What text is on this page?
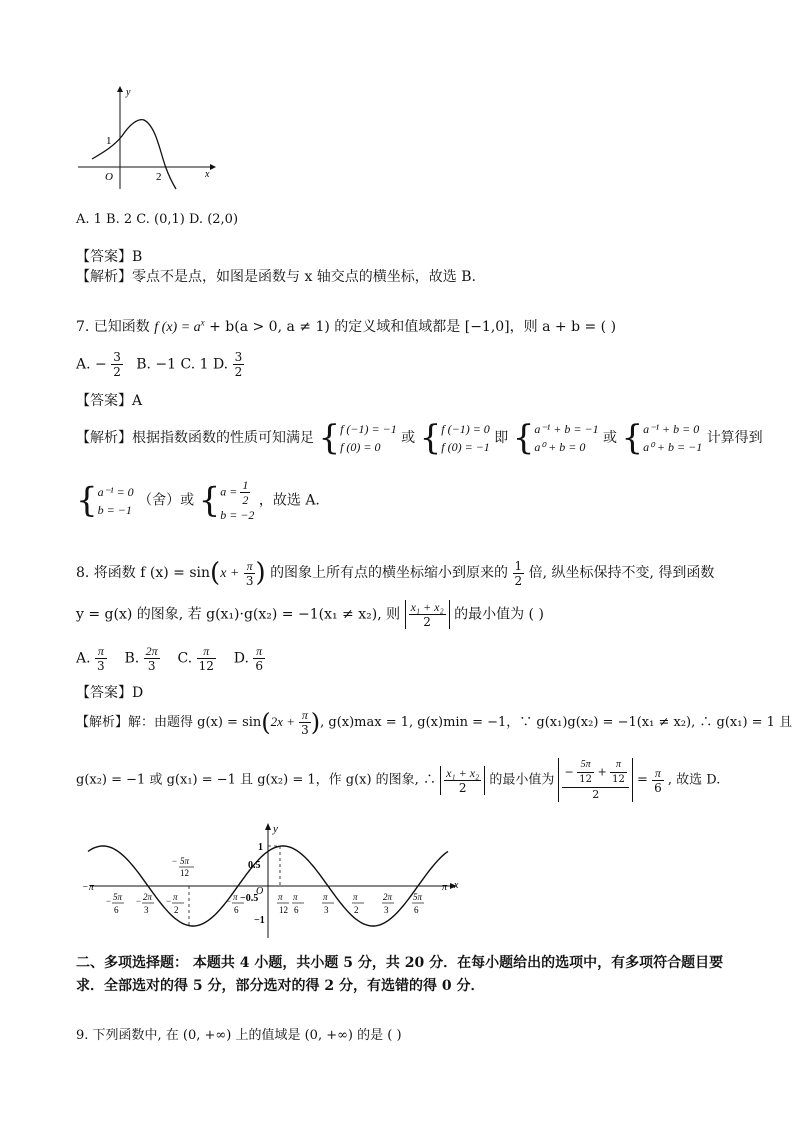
y
x
1
O	2
A. 1 B. 2 C. (0,1) D. (2,0)
【答案】B
【解析】零点不是点，如图是函数与 x 轴交点的横坐标，故选 B.
7. 已知函数 f $(x) = a^x + b(a > 0$, a ≠ 1) 的定义域和值域都是 [−1,0]，则 a + b = ( )
A. − $\frac{3}{2} B$. −1 C. 1 D. $\frac{3}{2}$
【答案】A
【解析】根据指数函数的性质可知满足 {f (−1) = −1
f (0) = 0 或 {f (−1) = 0
f (0) = −1 即 {a⁻¹ + b = −1
a⁰ + b = 0 或 {a⁻¹ + b = 0
a⁰ + b = −1 计算得到
{a⁻¹ = 0
b = −1 （舍）或 {$a = \frac{1}{2}$

b = −2 ，故选 A.
8. 将函数 f $(x) = \sin(x + \frac{\pi}{3}$ ) 的图象上所有点的横坐标缩小到原来的 $\frac{1}{2}$ 倍, 纵坐标保持不变, 得到函数
y = g(x) 的图象, 若 g(x₁)·g(x₂) = −1(x₁ ≠ x₂), 则 $\frac{\text{x₁ + x₂}}{2}$ 的最小值为 ( )
A. $\frac{\pi}{3} B$. $\frac{2\pi}{3} C$. $\frac{\pi}{12} D$. $\frac{\pi}{6}$
【答案】D
【解析】解：由题得 $g(x) = \sin(2x + \frac{\pi}{3}$ ), g(x)max = 1, g(x)min = −1，∵ g(x₁)g(x₂) = −1(x₁ ≠ x₂), ∴ g(x₁) = 1 且
g(x₂) = −1 或 g(x₁) = −1 且 g(x₂) = 1，作 g(x) 的图象, ∴ $\frac{\text{x₁ + x₂}}{2}$ 的最小值为 $\frac{- \frac{5\pi}{12} + \frac{\pi}{12}}{2} = \frac{\pi}{6}$ , 故选 D.
y
x
1
0.5
−0.5
−1
− 5π
12
−π
− 5π
6
− 2π
3
− π
2
− π
6
π
12
π
6
π
3
π
2
2π
3
5π
6
π
O
二、多项选择题： 本题共 4 小题，共小题 5 分，共 20 分．在每小题给出的选项中，有多项符合题目要
求．全部选对的得 5 分，部分选对的得 2 分，有选错的得 0 分．
9. 下列函数中, 在 (0, +∞) 上的值域是 (0, +∞) 的是 ( )
